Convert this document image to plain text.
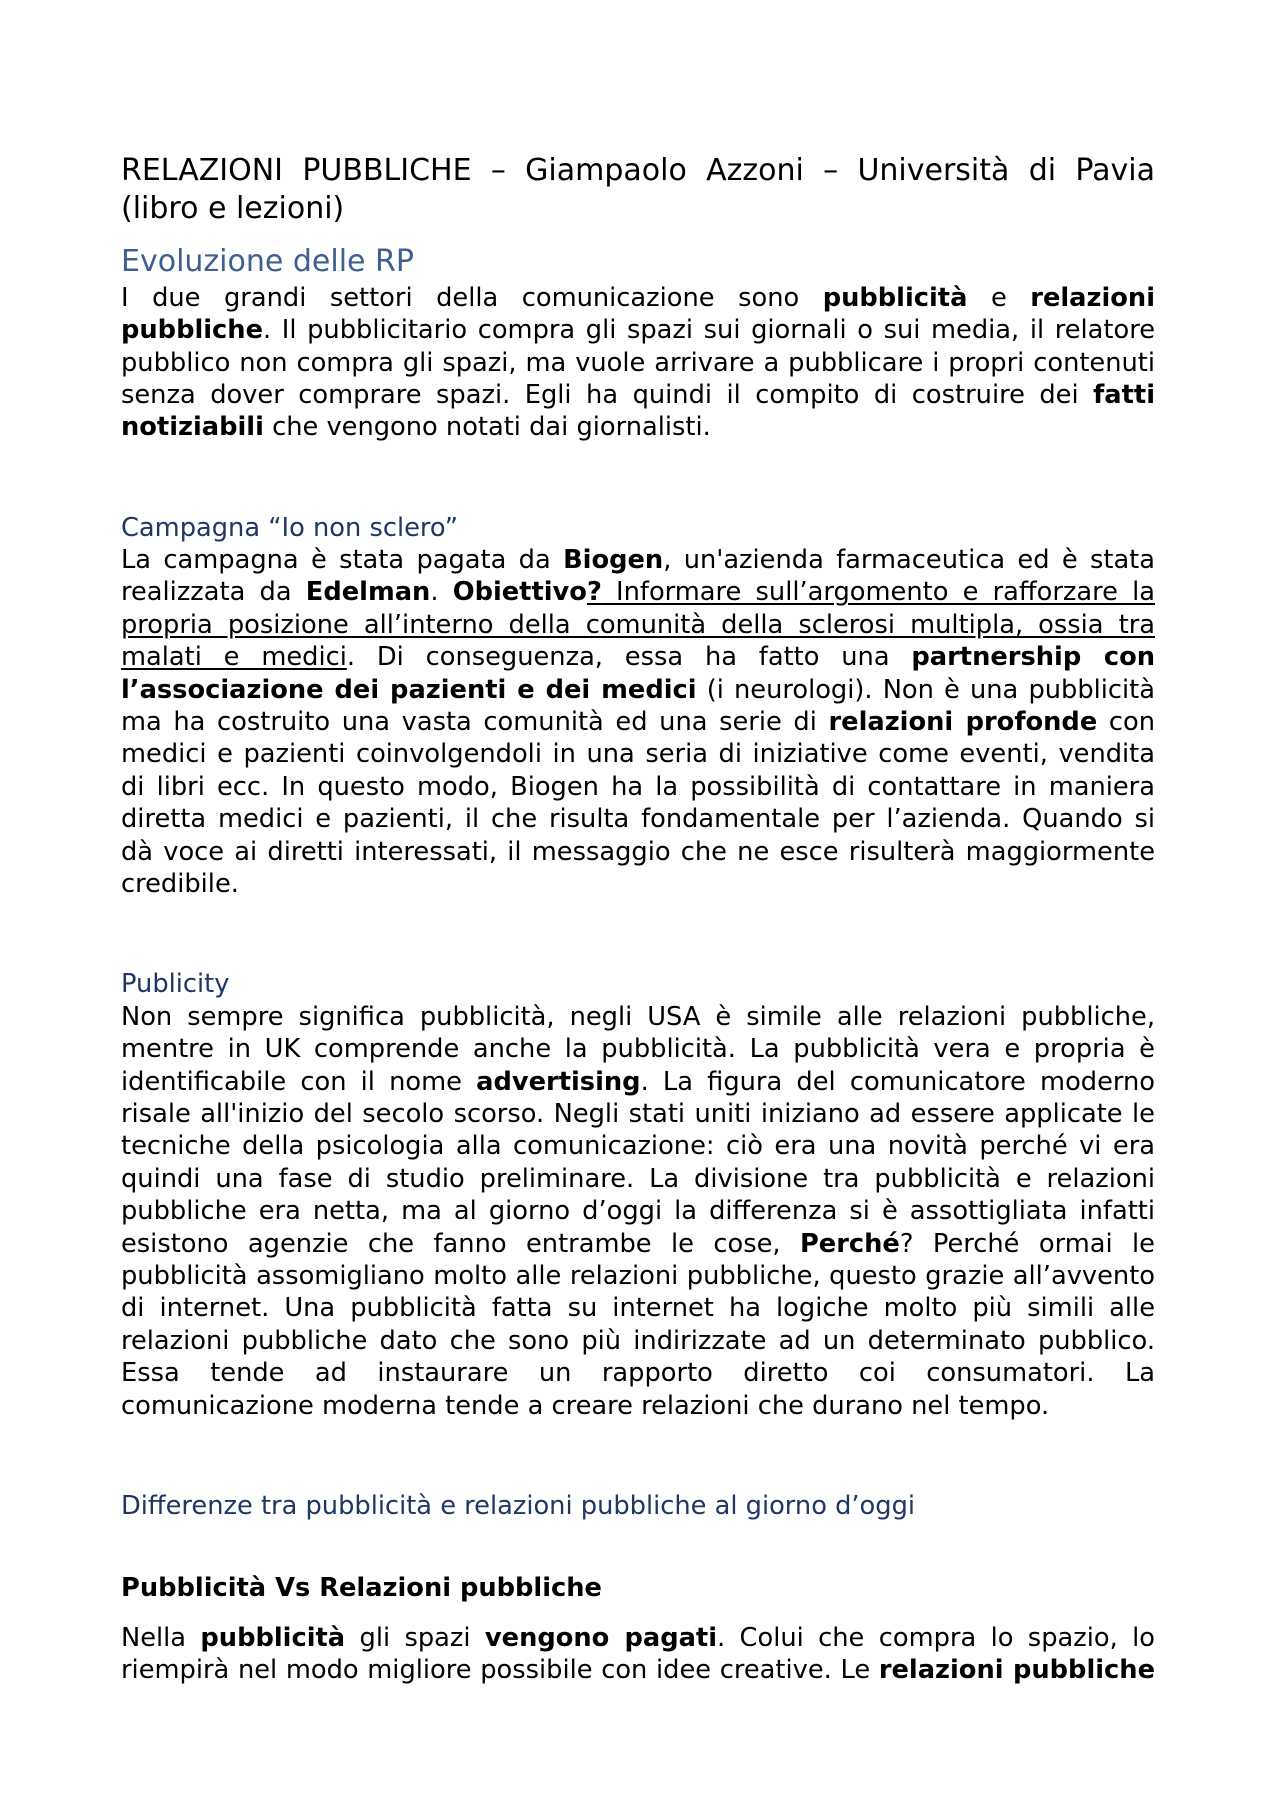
RELAZIONI PUBBLICHE – Giampaolo Azzoni – Università di Pavia (libro e lezioni)

Evoluzione delle RP

I due grandi settori della comunicazione sono pubblicità e relazioni pubbliche. Il pubblicitario compra gli spazi sui giornali o sui media, il relatore pubblico non compra gli spazi, ma vuole arrivare a pubblicare i propri contenuti senza dover comprare spazi. Egli ha quindi il compito di costruire dei fatti notiziabili che vengono notati dai giornalisti.

Campagna “Io non sclero”

La campagna è stata pagata da Biogen, un'azienda farmaceutica ed è stata realizzata da Edelman. Obiettivo? Informare sull’argomento e rafforzare la propria posizione all’interno della comunità della sclerosi multipla, ossia tra malati e medici. Di conseguenza, essa ha fatto una partnership con l’associazione dei pazienti e dei medici (i neurologi). Non è una pubblicità ma ha costruito una vasta comunità ed una serie di relazioni profonde con medici e pazienti coinvolgendoli in una seria di iniziative come eventi, vendita di libri ecc. In questo modo, Biogen ha la possibilità di contattare in maniera diretta medici e pazienti, il che risulta fondamentale per l’azienda. Quando si dà voce ai diretti interessati, il messaggio che ne esce risulterà maggiormente credibile.

Publicity

Non sempre significa pubblicità, negli USA è simile alle relazioni pubbliche, mentre in UK comprende anche la pubblicità. La pubblicità vera e propria è identificabile con il nome advertising. La figura del comunicatore moderno risale all'inizio del secolo scorso. Negli stati uniti iniziano ad essere applicate le tecniche della psicologia alla comunicazione: ciò era una novità perché vi era quindi una fase di studio preliminare. La divisione tra pubblicità e relazioni pubbliche era netta, ma al giorno d’oggi la differenza si è assottigliata infatti esistono agenzie che fanno entrambe le cose, Perché? Perché ormai le pubblicità assomigliano molto alle relazioni pubbliche, questo grazie all’avvento di internet. Una pubblicità fatta su internet ha logiche molto più simili alle relazioni pubbliche dato che sono più indirizzate ad un determinato pubblico. Essa tende ad instaurare un rapporto diretto coi consumatori. La comunicazione moderna tende a creare relazioni che durano nel tempo.

Differenze tra pubblicità e relazioni pubbliche al giorno d’oggi
Pubblicità Vs Relazioni pubbliche

Nella pubblicità gli spazi vengono pagati. Colui che compra lo spazio, lo riempirà nel modo migliore possibile con idee creative. Le relazioni pubbliche
